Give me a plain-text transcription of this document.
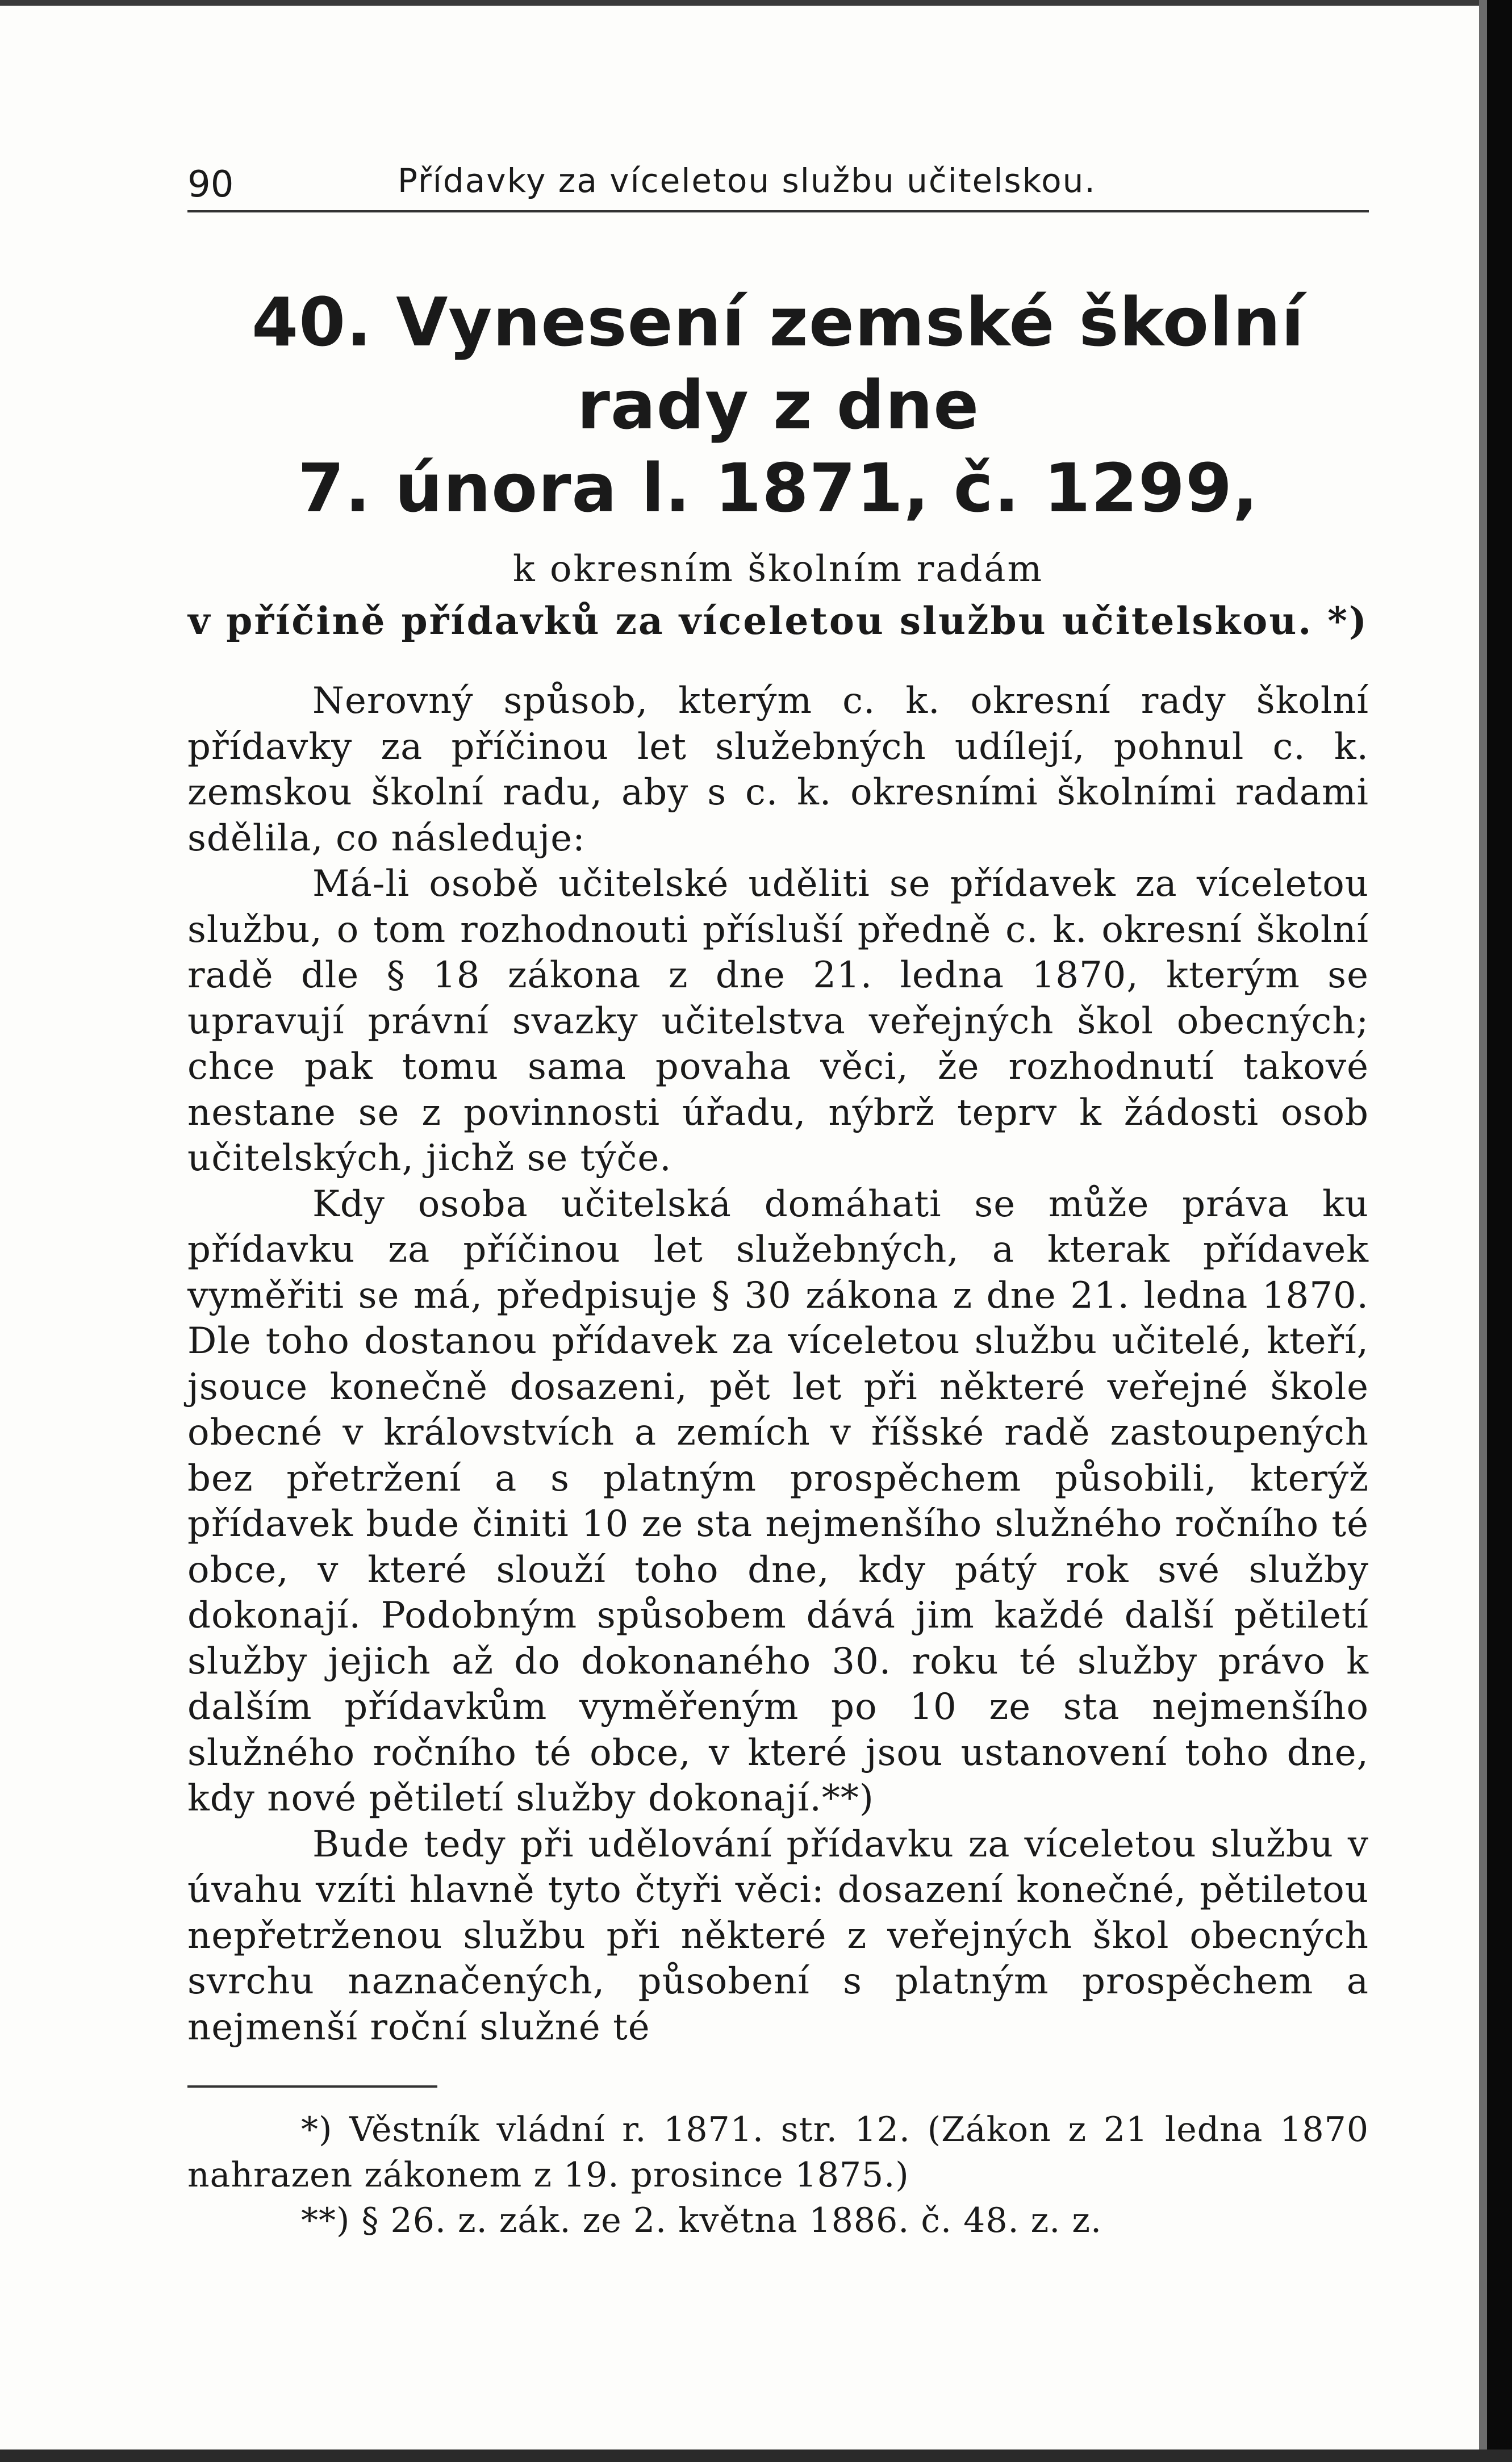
90	Přídavky za víceletou službu učitelskou.
40. Vynesení zemské školní rady z dne
7. února l. 1871, č. 1299,
k okresním školním radám
v příčině přídavků za víceletou službu učitelskou. *)

Nerovný spůsob, kterým c. k. okresní rady školní přídavky za příčinou let služebných udílejí, pohnul c. k. zemskou školní radu, aby s c. k. okresními školními radami sdělila, co následuje:

Má-li osobě učitelské uděliti se přídavek za víceletou službu, o tom rozhodnouti přísluší předně c. k. okresní školní radě dle § 18 zákona z dne 21. ledna 1870, kterým se upravují právní svazky učitelstva veřejných škol obecných; chce pak tomu sama povaha věci, že rozhodnutí takové nestane se z povinnosti úřadu, nýbrž teprv k žádosti osob učitelských, jichž se týče.

Kdy osoba učitelská domáhati se může práva ku přídavku za příčinou let služebných, a kterak přídavek vyměřiti se má, předpisuje § 30 zákona z dne 21. ledna 1870. Dle toho dostanou přídavek za víceletou službu učitelé, kteří, jsouce konečně dosazeni, pět let při některé veřejné škole obecné v královstvích a zemích v říšské radě zastoupených bez přetržení a s platným prospěchem působili, kterýž přídavek bude činiti 10 ze sta nejmenšího služného ročního té obce, v které slouží toho dne, kdy pátý rok své služby dokonají. Podobným spůsobem dává jim každé další pětiletí služby jejich až do dokonaného 30. roku té služby právo k dalším přídavkům vyměřeným po 10 ze sta nejmenšího služného ročního té obce, v které jsou ustanovení toho dne, kdy nové pětiletí služby dokonají.**)

Bude tedy při udělování přídavku za víceletou službu v úvahu vzíti hlavně tyto čtyři věci: dosazení konečné, pětiletou nepřetrženou službu při některé z veřejných škol obecných svrchu naznačených, působení s platným prospěchem a nejmenší roční služné té

*) Věstník vládní r. 1871. str. 12. (Zákon z 21 ledna 1870 nahrazen zákonem z 19. prosince 1875.)

**) § 26. z. zák. ze 2. května 1886. č. 48. z. z.
